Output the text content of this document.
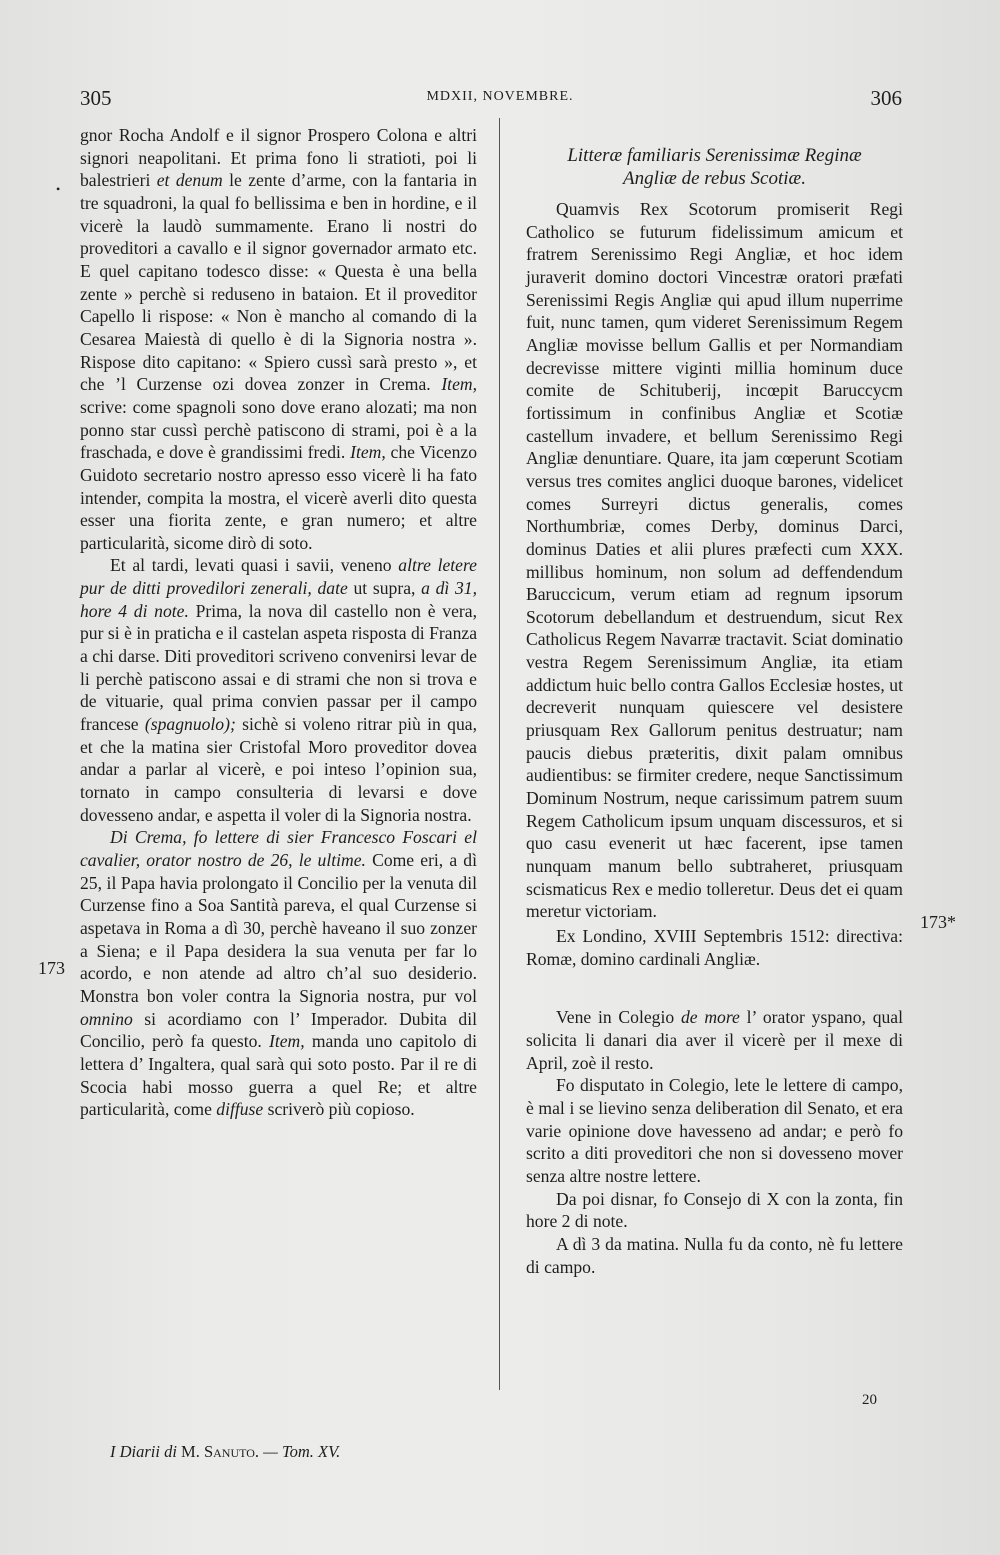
305	MDXII, NOVEMBRE.	306
•
173
173*

gnor Rocha Andolf e il signor Prospero Colona e altri signori neapolitani. Et prima fono li stratioti, poi li balestrieri et denum le zente d’arme, con la fantaria in tre squadroni, la qual fo bellissima e ben in hordine, e il vicerè la laudò summamente. Erano li nostri do proveditori a cavallo e il signor governador armato etc. E quel capitano todesco disse: « Questa è una bella zente » perchè si reduseno in bataion. Et il proveditor Capello li rispose: « Non è mancho al comando di la Cesarea Maiestà di quello è di la Signoria nostra ». Rispose dito capitano: « Spiero cussì sarà presto », et che ’l Curzense ozi dovea zonzer in Crema. Item, scrive: come spagnoli sono dove erano alozati; ma non ponno star cussì perchè patiscono di strami, poi è a la fraschada, e dove è grandissimi fredi. Item, che Vicenzo Guidoto secretario nostro apresso esso vicerè li ha fato intender, compita la mostra, el vicerè averli dito questa esser una fiorita zente, e gran numero; et altre particularità, sicome dirò di soto.

Et al tardi, levati quasi i savii, veneno altre letere pur de ditti provedilori zenerali, date ut supra, a dì 31, hore 4 di note. Prima, la nova dil castello non è vera, pur si è in praticha e il castelan aspeta risposta di Franza a chi darse. Diti proveditori scriveno convenirsi levar de li perchè patiscono assai e di strami che non si trova e de vituarie, qual prima convien passar per il campo francese (spagnuolo); sichè si voleno ritrar più in qua, et che la matina sier Cristofal Moro proveditor dovea andar a parlar al vicerè, e poi inteso l’opinion sua, tornato in campo consulteria di levarsi e dove dovesseno andar, e aspetta il voler di la Signoria nostra.

Di Crema, fo lettere di sier Francesco Foscari el cavalier, orator nostro de 26, le ultime. Come eri, a dì 25, il Papa havia prolongato il Concilio per la venuta dil Curzense fino a Soa Santità pareva, el qual Curzense si aspetava in Roma a dì 30, perchè haveano il suo zonzer a Siena; e il Papa desidera la sua venuta per far lo acordo, e non atende ad altro ch’al suo desiderio. Monstra bon voler contra la Signoria nostra, pur vol omnino si acordiamo con l’ Imperador. Dubita dil Concilio, però fa questo. Item, manda uno capitolo di lettera d’ Ingaltera, qual sarà qui soto posto. Par il re di Scocia habi mosso guerra a quel Re; et altre particularità, come diffuse scriverò più copioso.

Litteræ familiaris Serenissimæ Reginæ
Angliæ de rebus Scotiæ.

Quamvis Rex Scotorum promiserit Regi Catholico se futurum fidelissimum amicum et fratrem Serenissimo Regi Angliæ, et hoc idem juraverit domino doctori Vincestræ oratori præfati Serenissimi Regis Angliæ qui apud illum nuperrime fuit, nunc tamen, qum videret Serenissimum Regem Angliæ movisse bellum Gallis et per Normandiam decrevisse mittere viginti millia hominum duce comite de Schituberij, incœpit Baruccycm fortissimum in confinibus Angliæ et Scotiæ castellum invadere, et bellum Serenissimo Regi Angliæ denuntiare. Quare, ita jam cœperunt Scotiam versus tres comites anglici duoque barones, videlicet comes Surreyri dictus generalis, comes Northumbriæ, comes Derby, dominus Darci, dominus Daties et alii plures præfecti cum XXX. millibus hominum, non solum ad deffendendum Baruccicum, verum etiam ad regnum ipsorum Scotorum debellandum et destruendum, sicut Rex Catholicus Regem Navarræ tractavit. Sciat dominatio vestra Regem Serenissimum Angliæ, ita etiam addictum huic bello contra Gallos Ecclesiæ hostes, ut decreverit nunquam quiescere vel desistere priusquam Rex Gallorum penitus destruatur; nam paucis diebus præteritis, dixit palam omnibus audientibus: se firmiter credere, neque Sanctissimum Dominum Nostrum, neque carissimum patrem suum Regem Catholicum ipsum unquam discessuros, et si quo casu evenerit ut hæc facerent, ipse tamen nunquam manum bello subtraheret, priusquam scismaticus Rex e medio tolleretur. Deus det ei quam meretur victoriam.

Ex Londino, XVIII Septembris 1512: directiva: Romæ, domino cardinali Angliæ.

Vene in Colegio de more l’ orator yspano, qual solicita li danari dia aver il vicerè per il mexe di April, zoè il resto.

Fo disputato in Colegio, lete le lettere di campo, è mal i se lievino senza deliberation dil Senato, et era varie opinione dove havesseno ad andar; e però fo scrito a diti proveditori che non si dovesseno mover senza altre nostre lettere.

Da poi disnar, fo Consejo di X con la zonta, fin hore 2 di note.

A dì 3 da matina. Nulla fu da conto, nè fu lettere di campo.

20
I Diarii di M. Sanuto. — Tom. XV.
